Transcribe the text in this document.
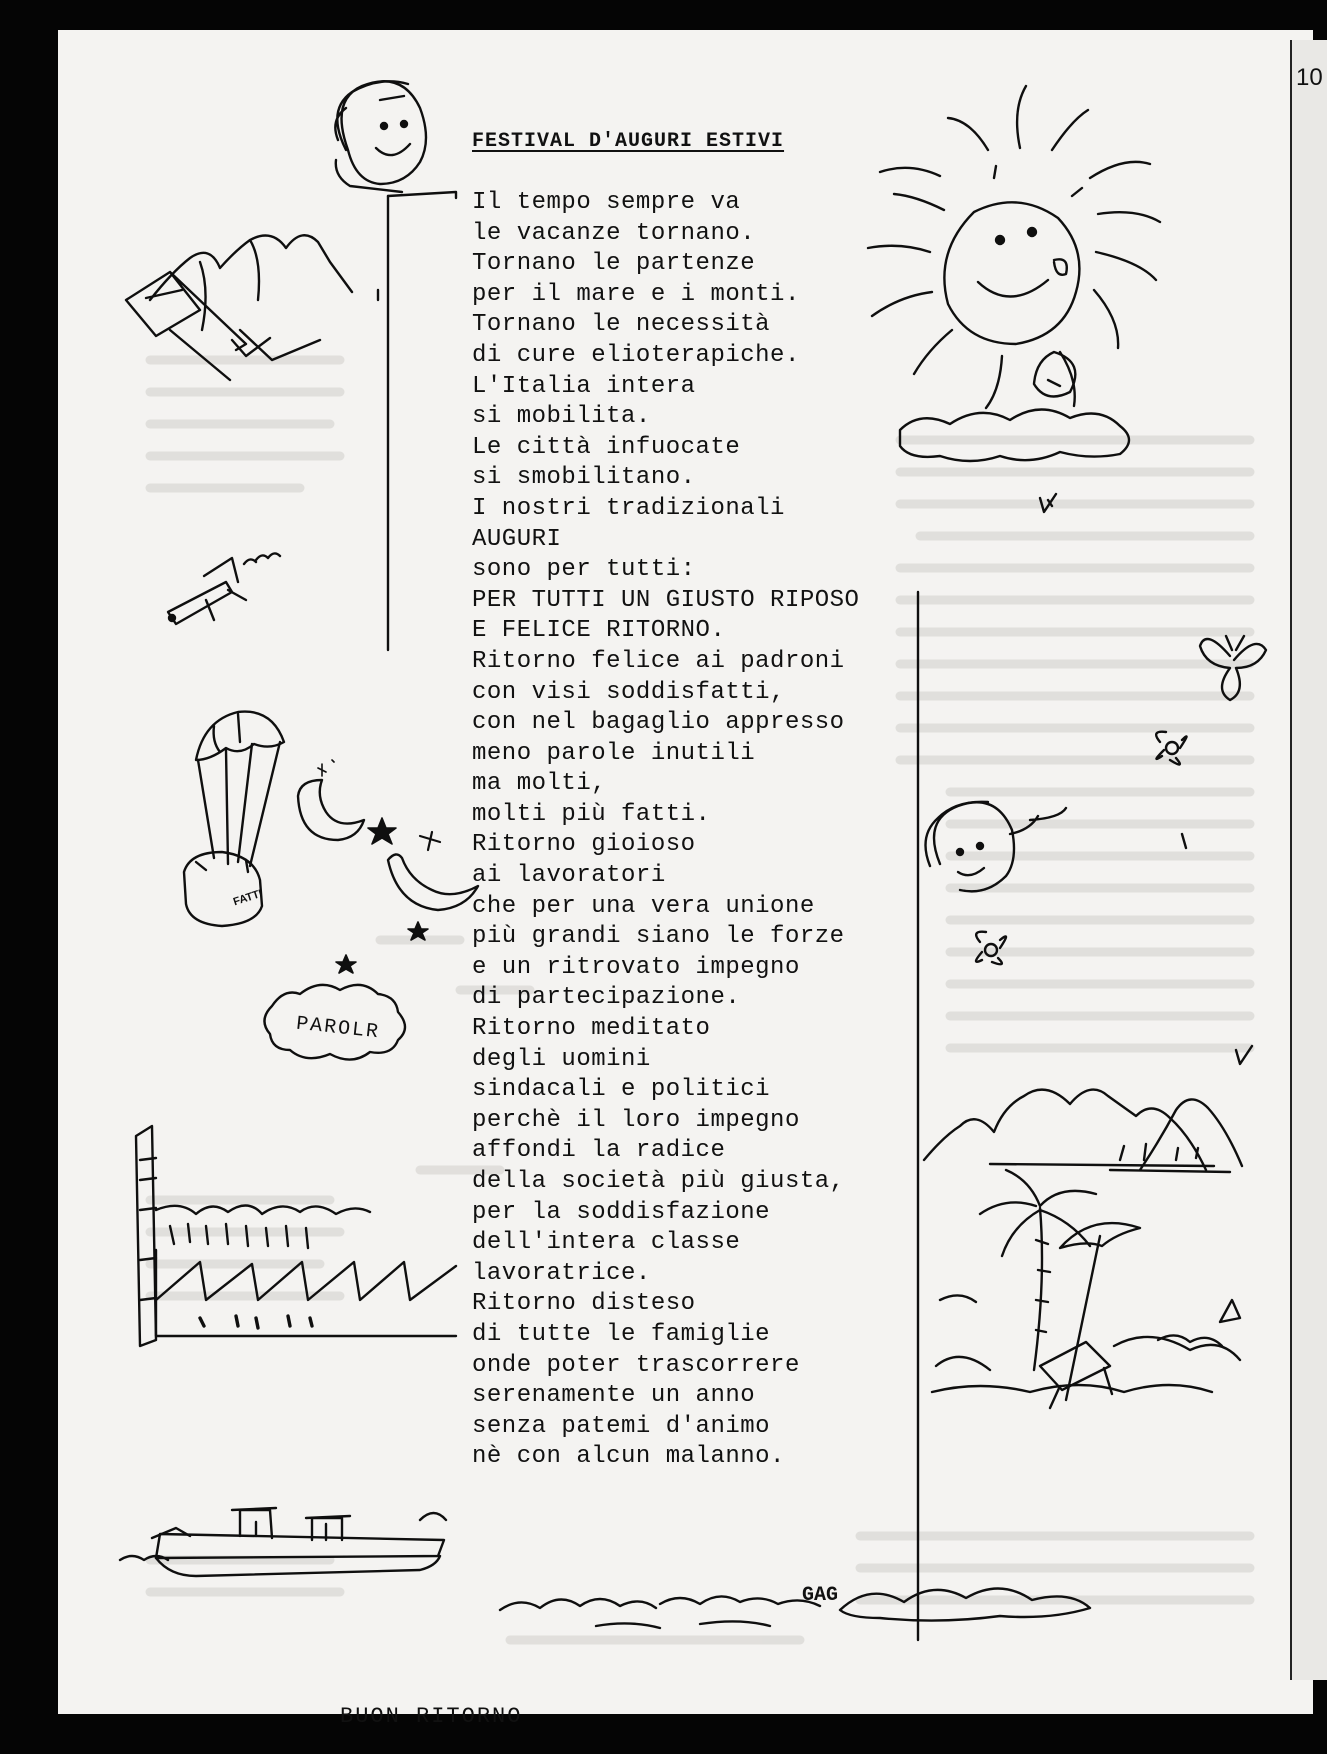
10
FESTIVAL D'AUGURI ESTIVI
Il tempo sempre va
le vacanze tornano.
Tornano le partenze
per il mare e i monti.
Tornano le necessità
di cure elioterapiche.
L'Italia intera
si mobilita.
Le città infuocate
si smobilitano.
I nostri tradizionali
AUGURI
sono per tutti:
PER TUTTI UN GIUSTO RIPOSO
E FELICE RITORNO.
Ritorno felice ai padroni
con visi soddisfatti,
con nel bagaglio appresso
meno parole inutili
ma molti,
molti più fatti.
Ritorno gioioso
ai lavoratori
che per una vera unione
più grandi siano le forze
e un ritrovato impegno
di partecipazione.
Ritorno meditato
degli uomini
sindacali e politici
perchè il loro impegno
affondi la radice
della società più giusta,
per la soddisfazione
dell'intera classe
lavoratrice.
Ritorno disteso
di tutte le famiglie
onde poter trascorrere
serenamente un anno
senza patemi d'animo
nè con alcun malanno.
GAG
PAROLR
FATTI
BUON RITORNO
